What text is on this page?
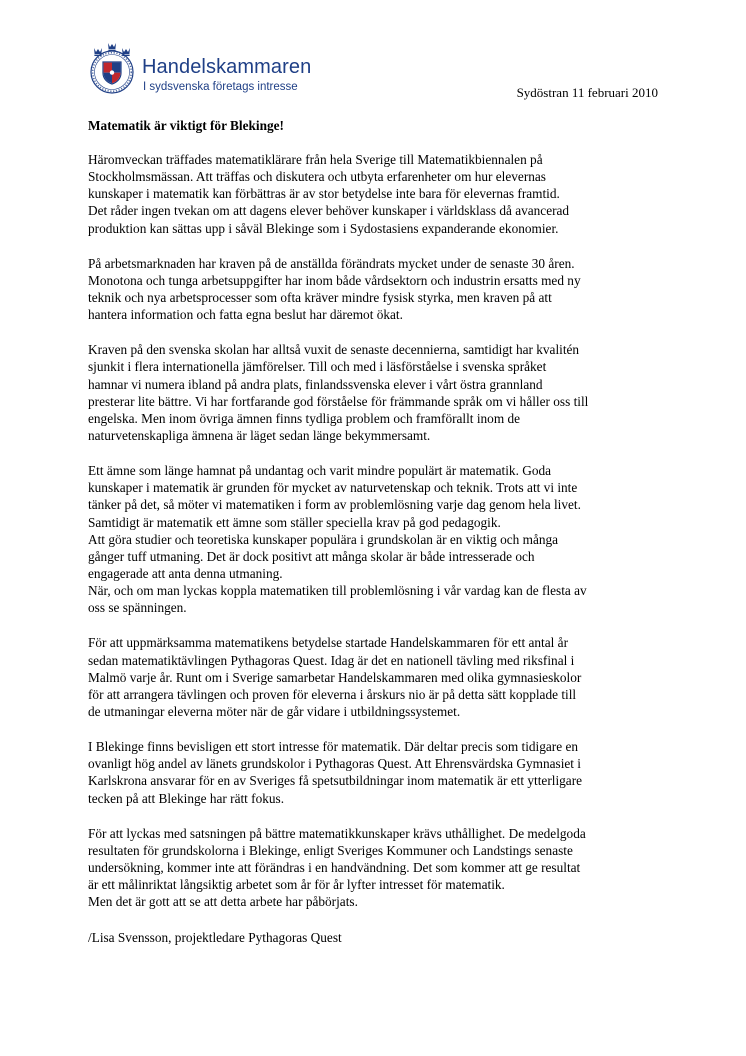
Handelskammaren
I sydsvenska företags intresse	Sydöstran 11 februari 2010
Matematik är viktigt för Blekinge!
Häromveckan träffades matematiklärare från hela Sverige till Matematikbiennalen på
Stockholmsmässan. Att träffas och diskutera och utbyta erfarenheter om hur elevernas
kunskaper i matematik kan förbättras är av stor betydelse inte bara för elevernas framtid.
Det råder ingen tvekan om att dagens elever behöver kunskaper i världsklass då avancerad
produktion kan sättas upp i såväl Blekinge som i Sydostasiens expanderande ekonomier.
På arbetsmarknaden har kraven på de anställda förändrats mycket under de senaste 30 åren.
Monotona och tunga arbetsuppgifter har inom både vårdsektorn och industrin ersatts med ny
teknik och nya arbetsprocesser som ofta kräver mindre fysisk styrka, men kraven på att
hantera information och fatta egna beslut har däremot ökat.
Kraven på den svenska skolan har alltså vuxit de senaste decennierna, samtidigt har kvalitén
sjunkit i flera internationella jämförelser. Till och med i läsförståelse i svenska språket
hamnar vi numera ibland på andra plats, finlandssvenska elever i vårt östra grannland
presterar lite bättre. Vi har fortfarande god förståelse för främmande språk om vi håller oss till
engelska. Men inom övriga ämnen finns tydliga problem och framförallt inom de
naturvetenskapliga ämnena är läget sedan länge bekymmersamt.
Ett ämne som länge hamnat på undantag och varit mindre populärt är matematik. Goda
kunskaper i matematik är grunden för mycket av naturvetenskap och teknik. Trots att vi inte
tänker på det, så möter vi matematiken i form av problemlösning varje dag genom hela livet.
Samtidigt är matematik ett ämne som ställer speciella krav på god pedagogik.
Att göra studier och teoretiska kunskaper populära i grundskolan är en viktig och många
gånger tuff utmaning. Det är dock positivt att många skolar är både intresserade och
engagerade att anta denna utmaning.
När, och om man lyckas koppla matematiken till problemlösning i vår vardag kan de flesta av
oss se spänningen.
För att uppmärksamma matematikens betydelse startade Handelskammaren för ett antal år
sedan matematiktävlingen Pythagoras Quest. Idag är det en nationell tävling med riksfinal i
Malmö varje år. Runt om i Sverige samarbetar Handelskammaren med olika gymnasieskolor
för att arrangera tävlingen och proven för eleverna i årskurs nio är på detta sätt kopplade till
de utmaningar eleverna möter när de går vidare i utbildningssystemet.
I Blekinge finns bevisligen ett stort intresse för matematik. Där deltar precis som tidigare en
ovanligt hög andel av länets grundskolor i Pythagoras Quest. Att Ehrensvärdska Gymnasiet i
Karlskrona ansvarar för en av Sveriges få spetsutbildningar inom matematik är ett ytterligare
tecken på att Blekinge har rätt fokus.
För att lyckas med satsningen på bättre matematikkunskaper krävs uthållighet. De medelgoda
resultaten för grundskolorna i Blekinge, enligt Sveriges Kommuner och Landstings senaste
undersökning, kommer inte att förändras i en handvändning. Det som kommer att ge resultat
är ett målinriktat långsiktig arbetet som år för år lyfter intresset för matematik.
Men det är gott att se att detta arbete har påbörjats.
/Lisa Svensson, projektledare Pythagoras Quest
